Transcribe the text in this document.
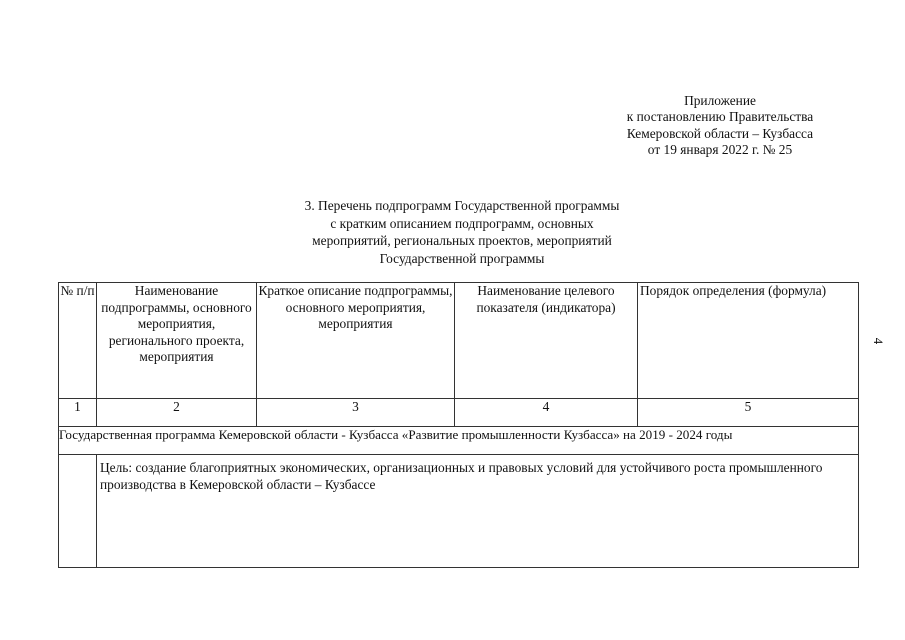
Приложение
к постановлению Правительства
Кемеровской области – Кузбасса
от 19 января 2022 г. № 25
3. Перечень подпрограмм Государственной программы
с кратким описанием подпрограмм, основных
мероприятий, региональных проектов, мероприятий
Государственной программы
4
№ п/п	Наименование подпрограммы, основного мероприятия, регионального проекта, мероприятия	Краткое описание подпрограммы, основного мероприятия, мероприятия	Наименование целевого показателя (индикатора)	Порядок определения (формула)
1	2	3	4	5
Государственная программа Кемеровской области - Кузбасса «Развитие промышленности Кузбасса» на 2019 - 2024 годы				

	Цель: создание благоприятных экономических, организационных и правовых условий для устойчивого роста промышленного производства в Кемеровской области – Кузбассе			
